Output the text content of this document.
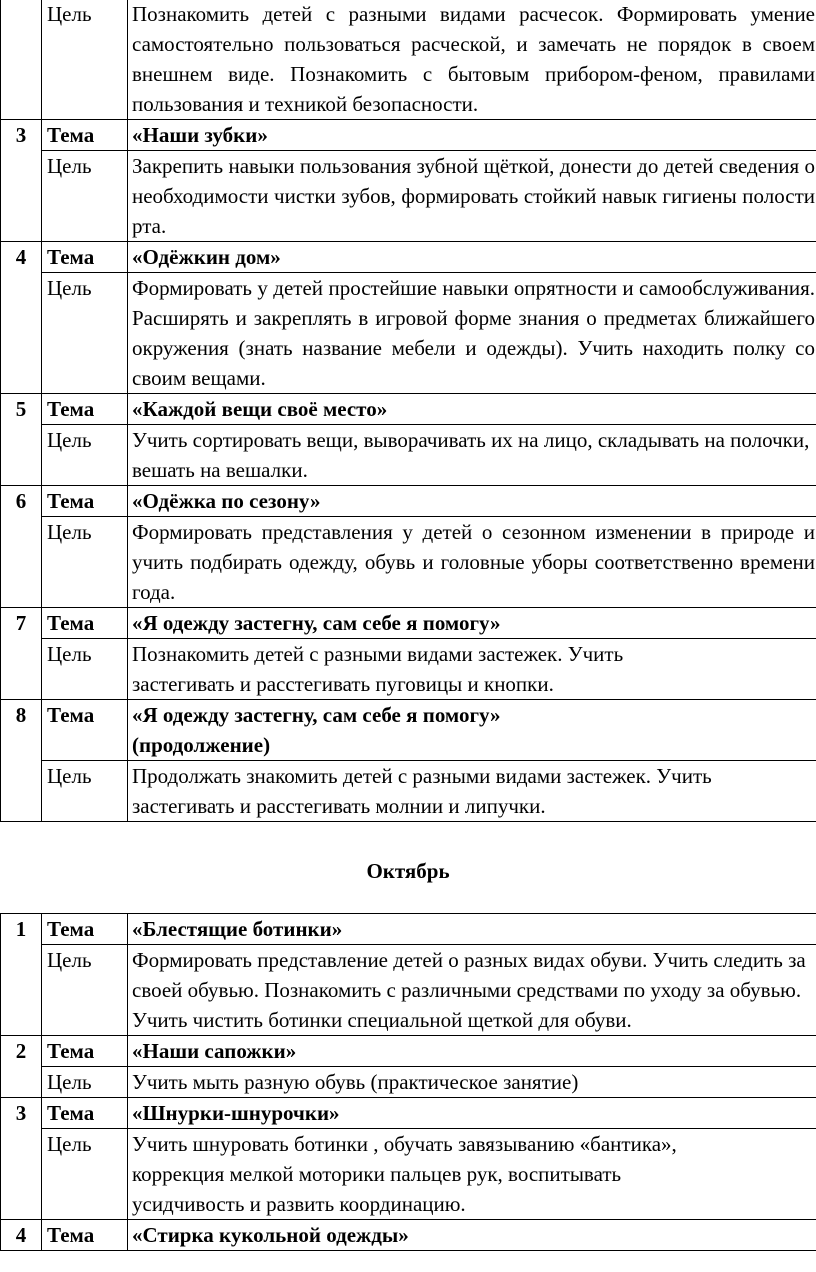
	Цель	Познакомить детей с разными видами расчесок. Формировать умение самостоятельно пользоваться расческой, и замечать не порядок в своем внешнем виде. Познакомить с бытовым прибором-феном, правилами пользования и техникой безопасности.
3	Тема	«Наши зубки»
	Цель	Закрепить навыки пользования зубной щёткой, донести до детей сведения о необходимости чистки зубов, формировать стойкий навык гигиены полости рта.
4	Тема	«Одёжкин дом»
	Цель	Формировать у детей простейшие навыки опрятности и самообслуживания. Расширять и закреплять в игровой форме знания о предметах ближайшего окружения (знать название мебели и одежды). Учить находить полку со своим вещами.
5	Тема	«Каждой вещи своё место»
	Цель	Учить сортировать вещи, выворачивать их на лицо, складывать на полочки, вешать на вешалки.
6	Тема	«Одёжка по сезону»
	Цель	Формировать представления у детей о сезонном изменении в природе и учить подбирать одежду, обувь и головные уборы соответственно времени года.
7	Тема	«Я одежду застегну, сам себе я помогу»
	Цель	Познакомить детей с разными видами застежек. Учить
застегивать и расстегивать пуговицы и кнопки.

8	Тема	«Я одежду застегну, сам себе я помогу»
(продолжение)

	Цель	Продолжать знакомить детей с разными видами застежек. Учить застегивать и расстегивать молнии и липучки.
Октябрь
1	Тема	«Блестящие ботинки»
	Цель	Формировать представление детей о разных видах обуви. Учить следить за своей обувью. Познакомить с различными средствами по уходу за обувью. Учить чистить ботинки специальной щеткой для обуви.
2	Тема	«Наши сапожки»
	Цель	Учить мыть разную обувь (практическое занятие)
3	Тема	«Шнурки-шнурочки»
	Цель	Учить шнуровать ботинки , обучать завязыванию «бантика»,
коррекция мелкой моторики пальцев рук, воспитывать
усидчивость и развить координацию.

4	Тема	«Стирка кукольной одежды»
